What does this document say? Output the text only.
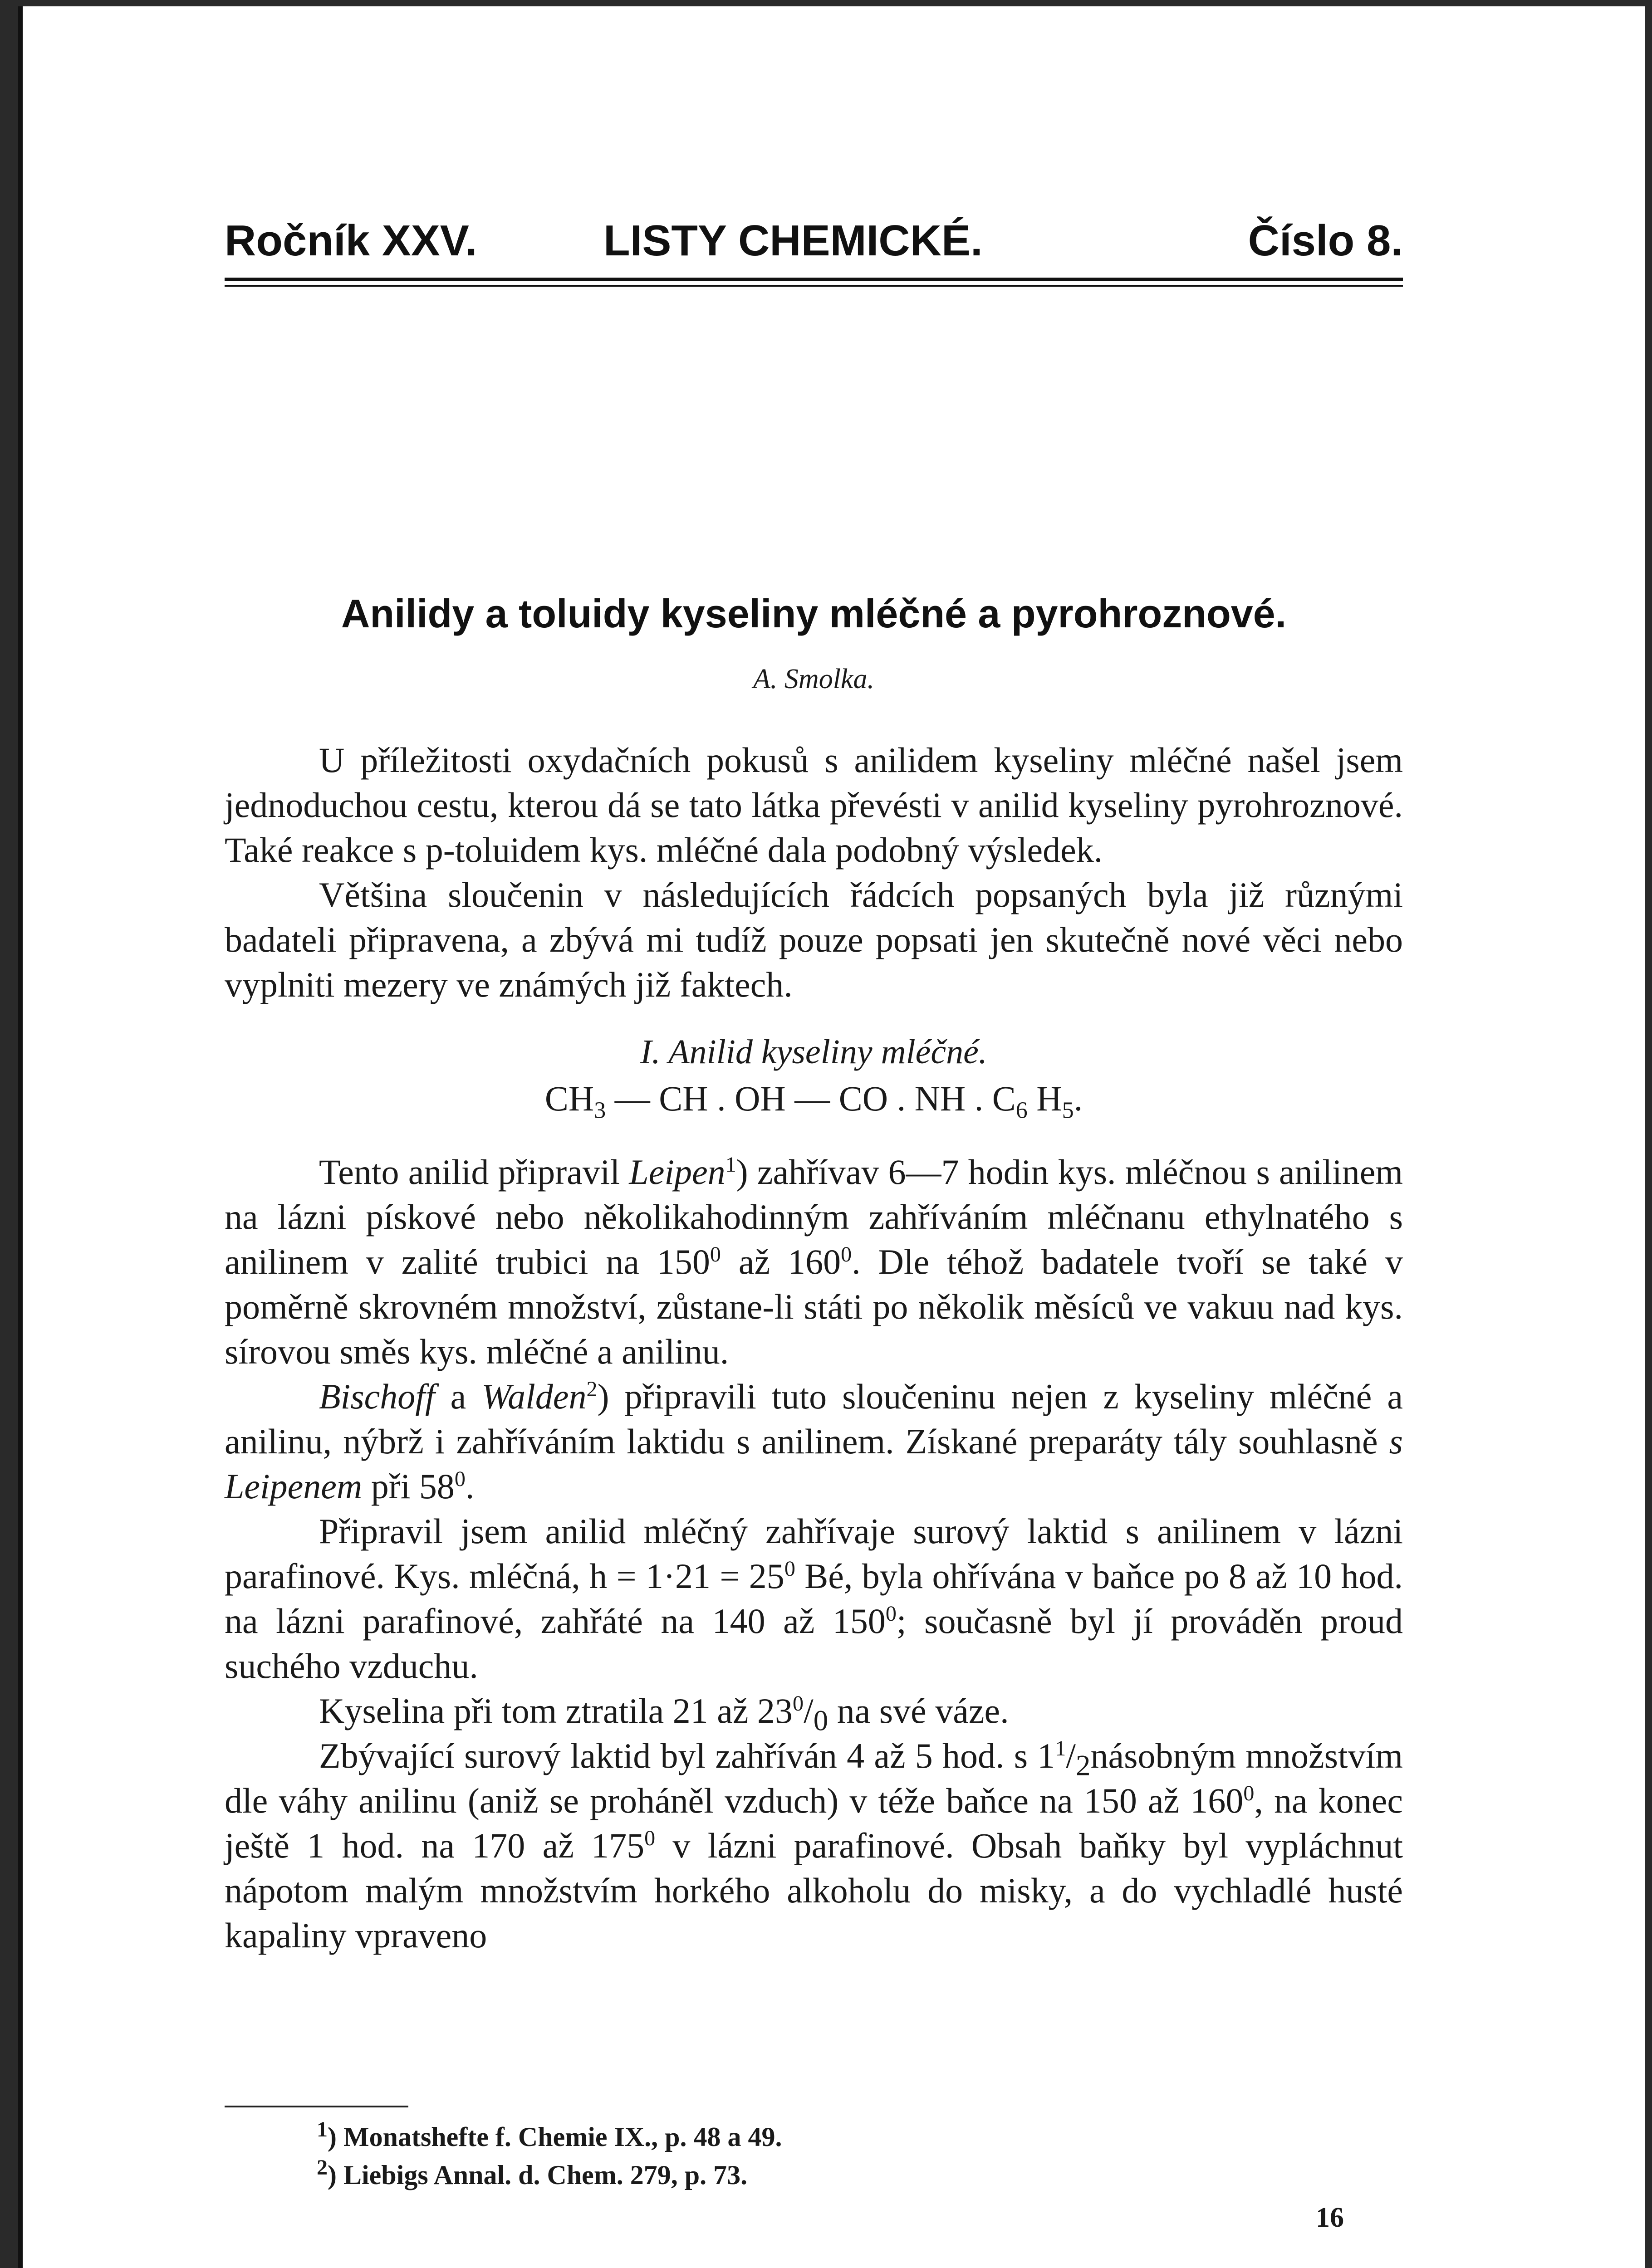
Ročník XXV.	LISTY CHEMICKÉ.	Číslo 8.
Anilidy a toluidy kyseliny mléčné a pyrohroznové.
A. Smolka.

U příležitosti oxydačních pokusů s anilidem kyseliny mléčné našel jsem jednoduchou cestu, kterou dá se tato látka převésti v anilid kyseliny pyrohroznové. Také reakce s p-toluidem kys. mléčné dala podobný výsledek.

Většina sloučenin v následujících řádcích popsaných byla již různými badateli připravena, a zbývá mi tudíž pouze popsati jen skutečně nové věci nebo vyplniti mezery ve známých již faktech.

I. Anilid kyseliny mléčné.
$CH_3$ — CH . OH — CO . NH . $C_6$ $H_5$.

Tento anilid připravil Leipen$^1$) zahřívav 6—7 hodin kys. mléčnou s anilinem na lázni pískové nebo několikahodinným zahříváním mléčnanu ethylnatého s anilinem v zalité trubici na $150^0$ až $160^0$. Dle téhož badatele tvoří se také v poměrně skrovném množství, zůstane-li státi po několik měsíců ve vakuu nad kys. sírovou směs kys. mléčné a anilinu.

Bischoff a Walden$^2$) připravili tuto sloučeninu nejen z kyseliny mléčné a anilinu, nýbrž i zahříváním laktidu s anilinem. Získané preparáty tály souhlasně s Leipenem při $58^0$.

Připravil jsem anilid mléčný zahřívaje surový laktid s anilinem v lázni parafinové. Kys. mléčná, $h = 1\cdot 21 = 25^0$ Bé, byla ohřívána v baňce po 8 až 10 hod. na lázni parafinové, zahřáté na 140 až $150^0$; současně byl jí prováděn proud suchého vzduchu.

Kyselina při tom ztratila 21 až $23^0/_0$ na své váze.

Zbývající surový laktid byl zahříván 4 až 5 hod. s $1^1/_2násobným$ množstvím dle váhy anilinu (aniž se proháněl vzduch) v téže baňce na 150 až $160^0$, na konec ještě 1 hod. na 170 až $175^0$ v lázni parafinové. Obsah baňky byl vypláchnut nápotom malým množstvím horkého alkoholu do misky, a do vychladlé husté kapaliny vpraveno

$^1$) Monatshefte f. Chemie IX., p. 48 a 49.
$^2$) Liebigs Annal. d. Chem. 279, p. 73.
16
